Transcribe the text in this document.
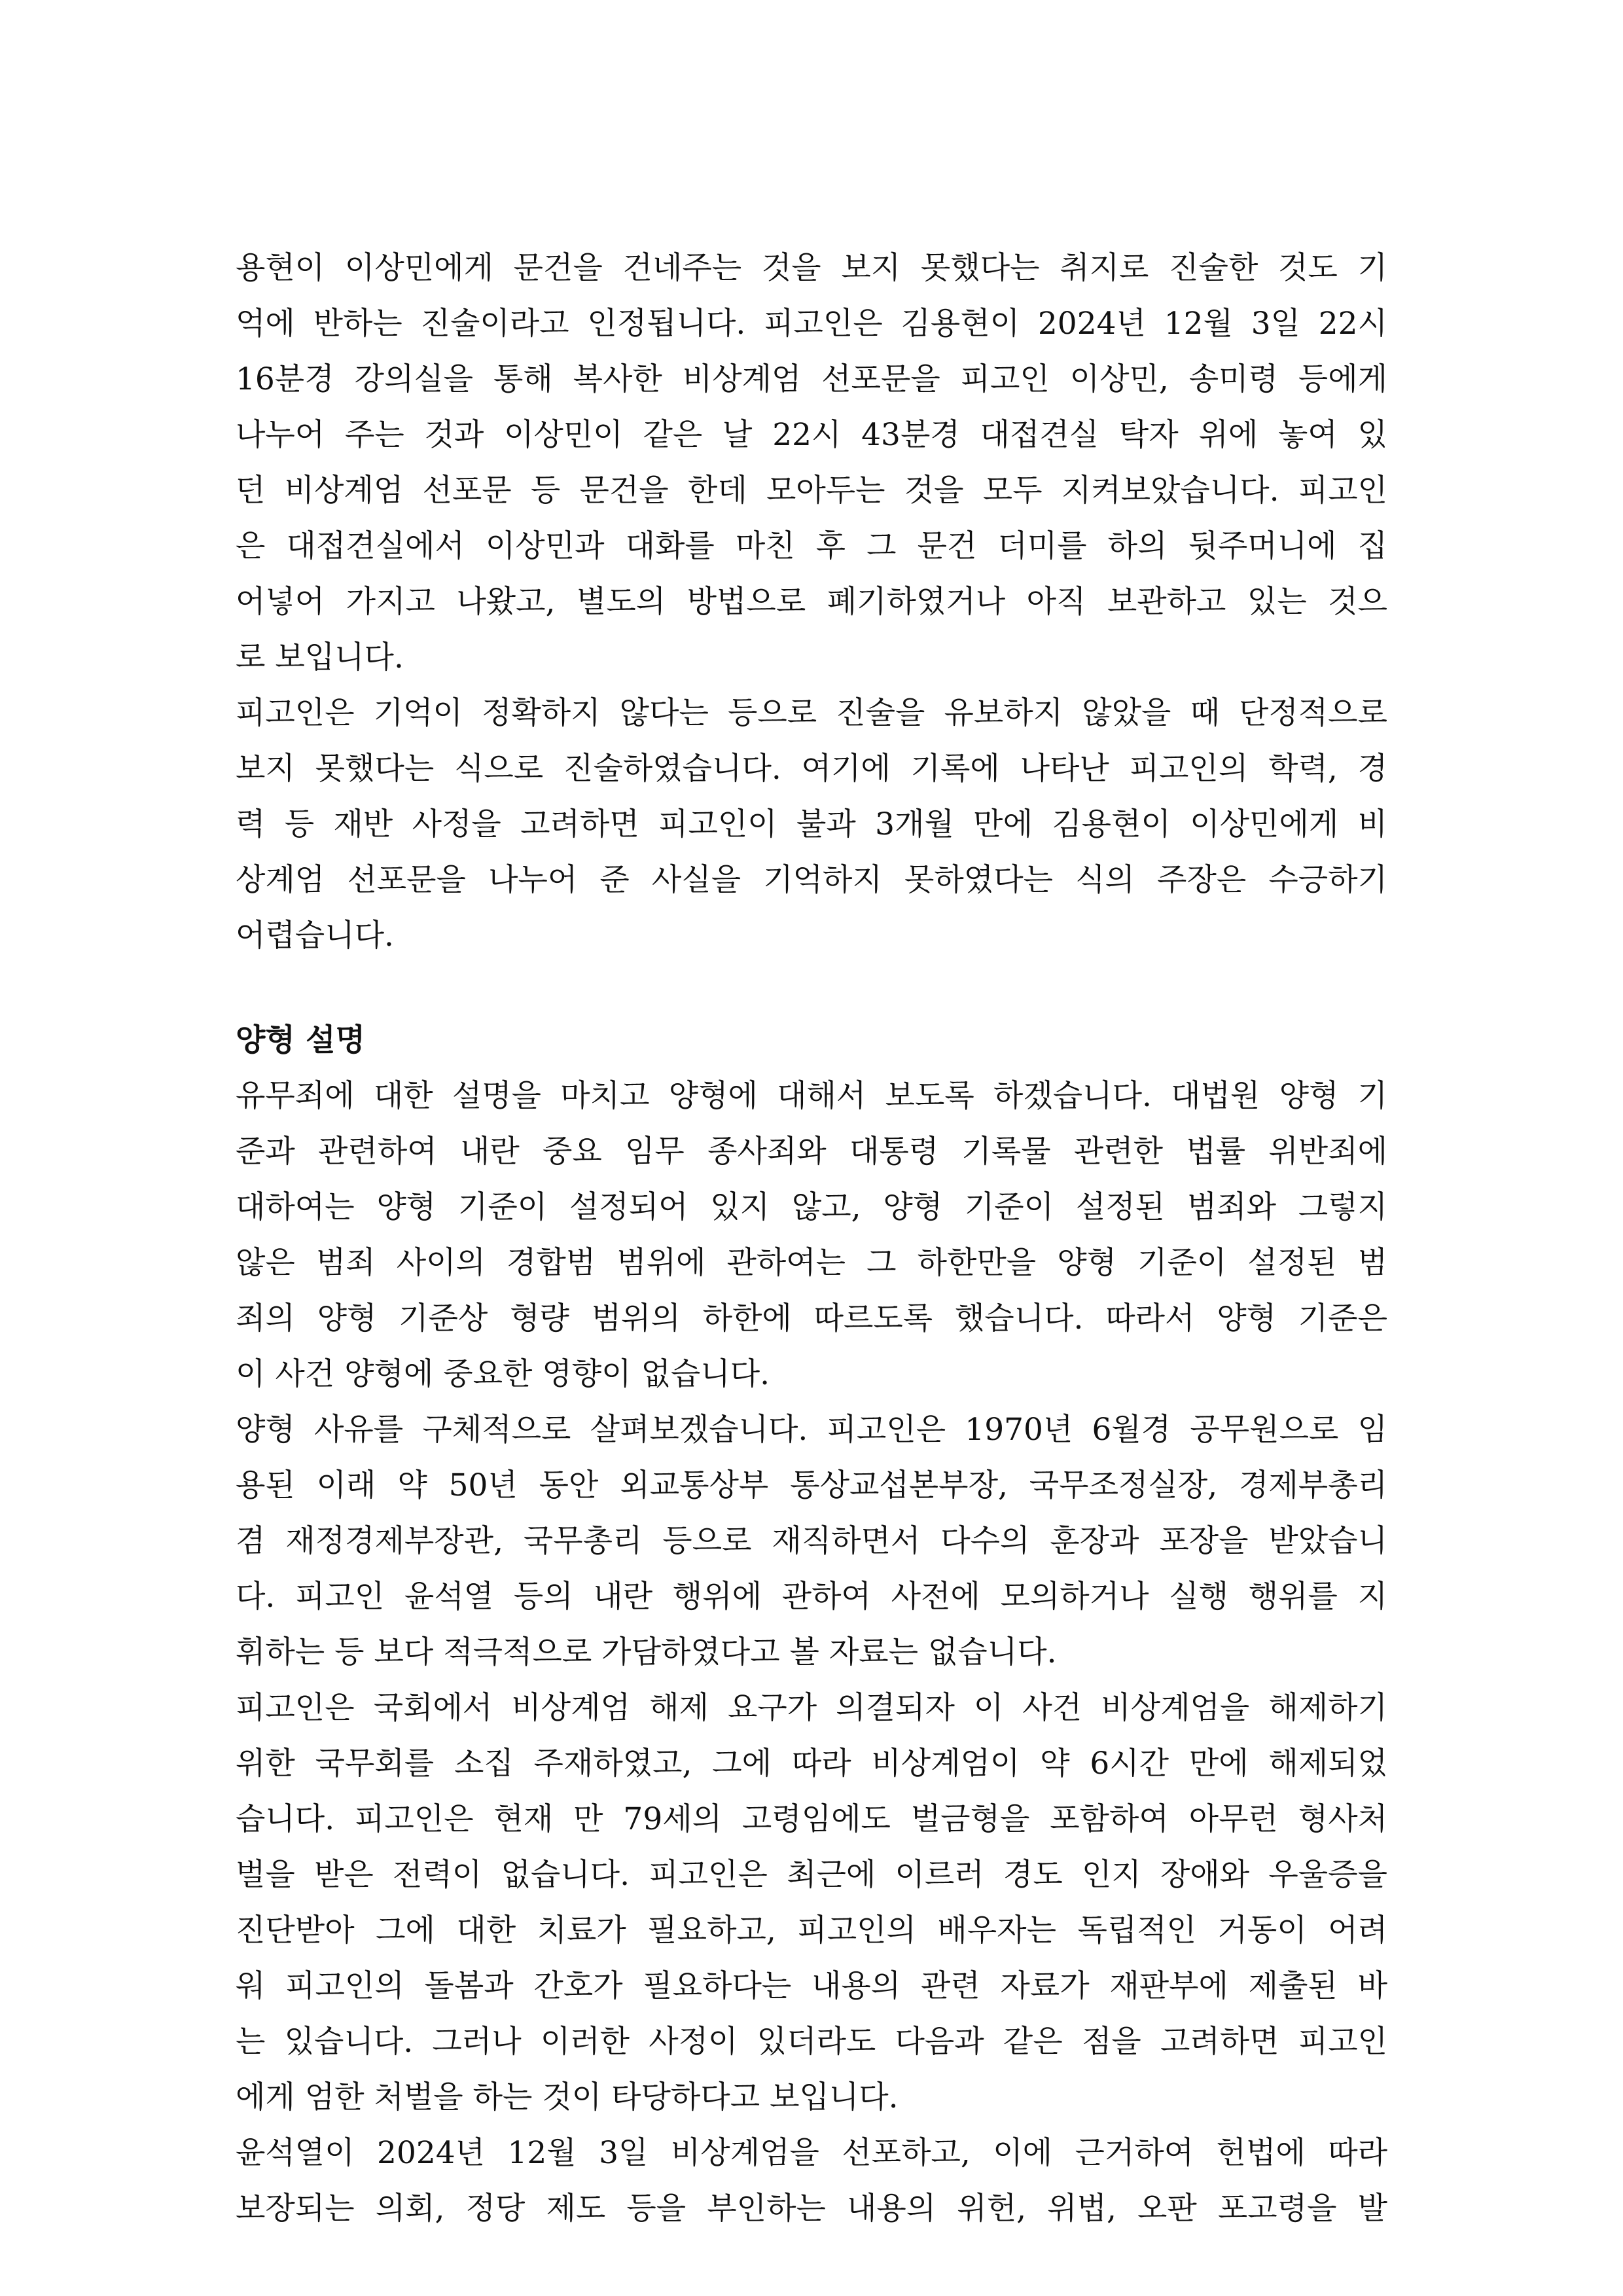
용현이 이상민에게 문건을 건네주는 것을 보지 못했다는 취지로 진술한 것도 기
억에 반하는 진술이라고 인정됩니다. 피고인은 김용현이 2024년 12월 3일 22시
16분경 강의실을 통해 복사한 비상계엄 선포문을 피고인 이상민, 송미령 등에게
나누어 주는 것과 이상민이 같은 날 22시 43분경 대접견실 탁자 위에 놓여 있
던 비상계엄 선포문 등 문건을 한데 모아두는 것을 모두 지켜보았습니다. 피고인
은 대접견실에서 이상민과 대화를 마친 후 그 문건 더미를 하의 뒷주머니에 집
어넣어 가지고 나왔고, 별도의 방법으로 폐기하였거나 아직 보관하고 있는 것으
로 보입니다.
피고인은 기억이 정확하지 않다는 등으로 진술을 유보하지 않았을 때 단정적으로
보지 못했다는 식으로 진술하였습니다. 여기에 기록에 나타난 피고인의 학력, 경
력 등 재반 사정을 고려하면 피고인이 불과 3개월 만에 김용현이 이상민에게 비
상계엄 선포문을 나누어 준 사실을 기억하지 못하였다는 식의 주장은 수긍하기
어렵습니다.
양형 설명
유무죄에 대한 설명을 마치고 양형에 대해서 보도록 하겠습니다. 대법원 양형 기
준과 관련하여 내란 중요 임무 종사죄와 대통령 기록물 관련한 법률 위반죄에
대하여는 양형 기준이 설정되어 있지 않고, 양형 기준이 설정된 범죄와 그렇지
않은 범죄 사이의 경합범 범위에 관하여는 그 하한만을 양형 기준이 설정된 범
죄의 양형 기준상 형량 범위의 하한에 따르도록 했습니다. 따라서 양형 기준은
이 사건 양형에 중요한 영향이 없습니다.
양형 사유를 구체적으로 살펴보겠습니다. 피고인은 1970년 6월경 공무원으로 임
용된 이래 약 50년 동안 외교통상부 통상교섭본부장, 국무조정실장, 경제부총리
겸 재정경제부장관, 국무총리 등으로 재직하면서 다수의 훈장과 포장을 받았습니
다. 피고인 윤석열 등의 내란 행위에 관하여 사전에 모의하거나 실행 행위를 지
휘하는 등 보다 적극적으로 가담하였다고 볼 자료는 없습니다.
피고인은 국회에서 비상계엄 해제 요구가 의결되자 이 사건 비상계엄을 해제하기
위한 국무회를 소집 주재하였고, 그에 따라 비상계엄이 약 6시간 만에 해제되었
습니다. 피고인은 현재 만 79세의 고령임에도 벌금형을 포함하여 아무런 형사처
벌을 받은 전력이 없습니다. 피고인은 최근에 이르러 경도 인지 장애와 우울증을
진단받아 그에 대한 치료가 필요하고, 피고인의 배우자는 독립적인 거동이 어려
워 피고인의 돌봄과 간호가 필요하다는 내용의 관련 자료가 재판부에 제출된 바
는 있습니다. 그러나 이러한 사정이 있더라도 다음과 같은 점을 고려하면 피고인
에게 엄한 처벌을 하는 것이 타당하다고 보입니다.
윤석열이 2024년 12월 3일 비상계엄을 선포하고, 이에 근거하여 헌법에 따라
보장되는 의회, 정당 제도 등을 부인하는 내용의 위헌, 위법, 오판 포고령을 발
